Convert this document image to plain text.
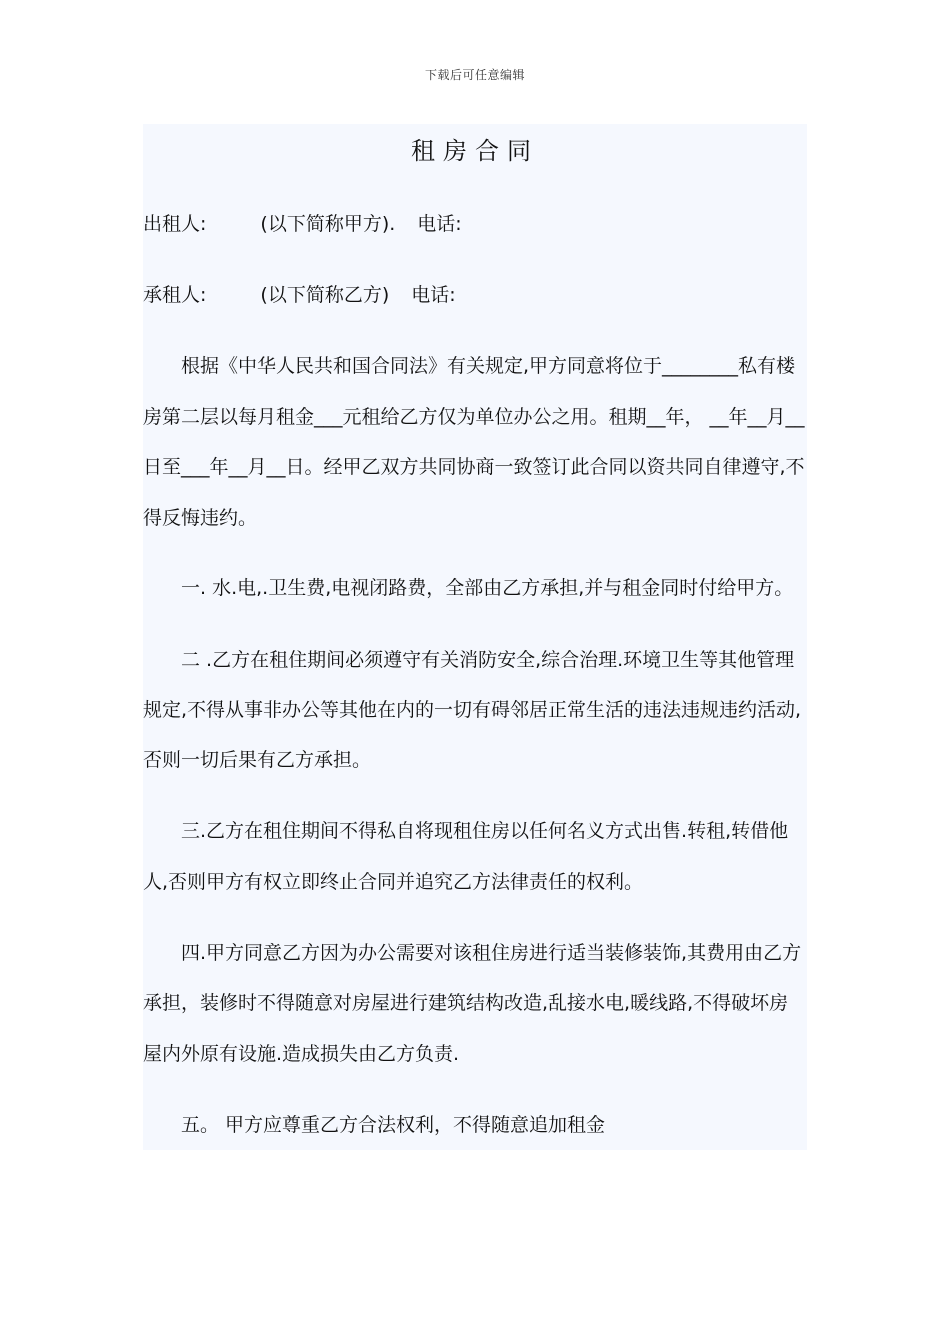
下载后可任意编辑
租房合同
出租人:	(以下简称甲方). 电话:
承租人:	(以下简称乙方) 电话:
根据《中华人民共和国合同法》有关规定,甲方同意将位于________私有楼
房第二层以每月租金___元租给乙方仅为单位办公之用。租期__年， __年__月__
日至___年__月__日。经甲乙双方共同协商一致签订此合同以资共同自律遵守,不
得反悔违约。
一. 水.电,.卫生费,电视闭路费，全部由乙方承担,并与租金同时付给甲方。
二 .乙方在租住期间必须遵守有关消防安全,综合治理.环境卫生等其他管理
规定,不得从事非办公等其他在内的一切有碍邻居正常生活的违法违规违约活动,
否则一切后果有乙方承担。
三.乙方在租住期间不得私自将现租住房以任何名义方式出售.转租,转借他
人,否则甲方有权立即终止合同并追究乙方法律责任的权利。
四.甲方同意乙方因为办公需要对该租住房进行适当装修装饰,其费用由乙方
承担，装修时不得随意对房屋进行建筑结构改造,乱接水电,暖线路,不得破坏房
屋内外原有设施.造成损失由乙方负责.
五。 甲方应尊重乙方合法权利，不得随意追加租金
